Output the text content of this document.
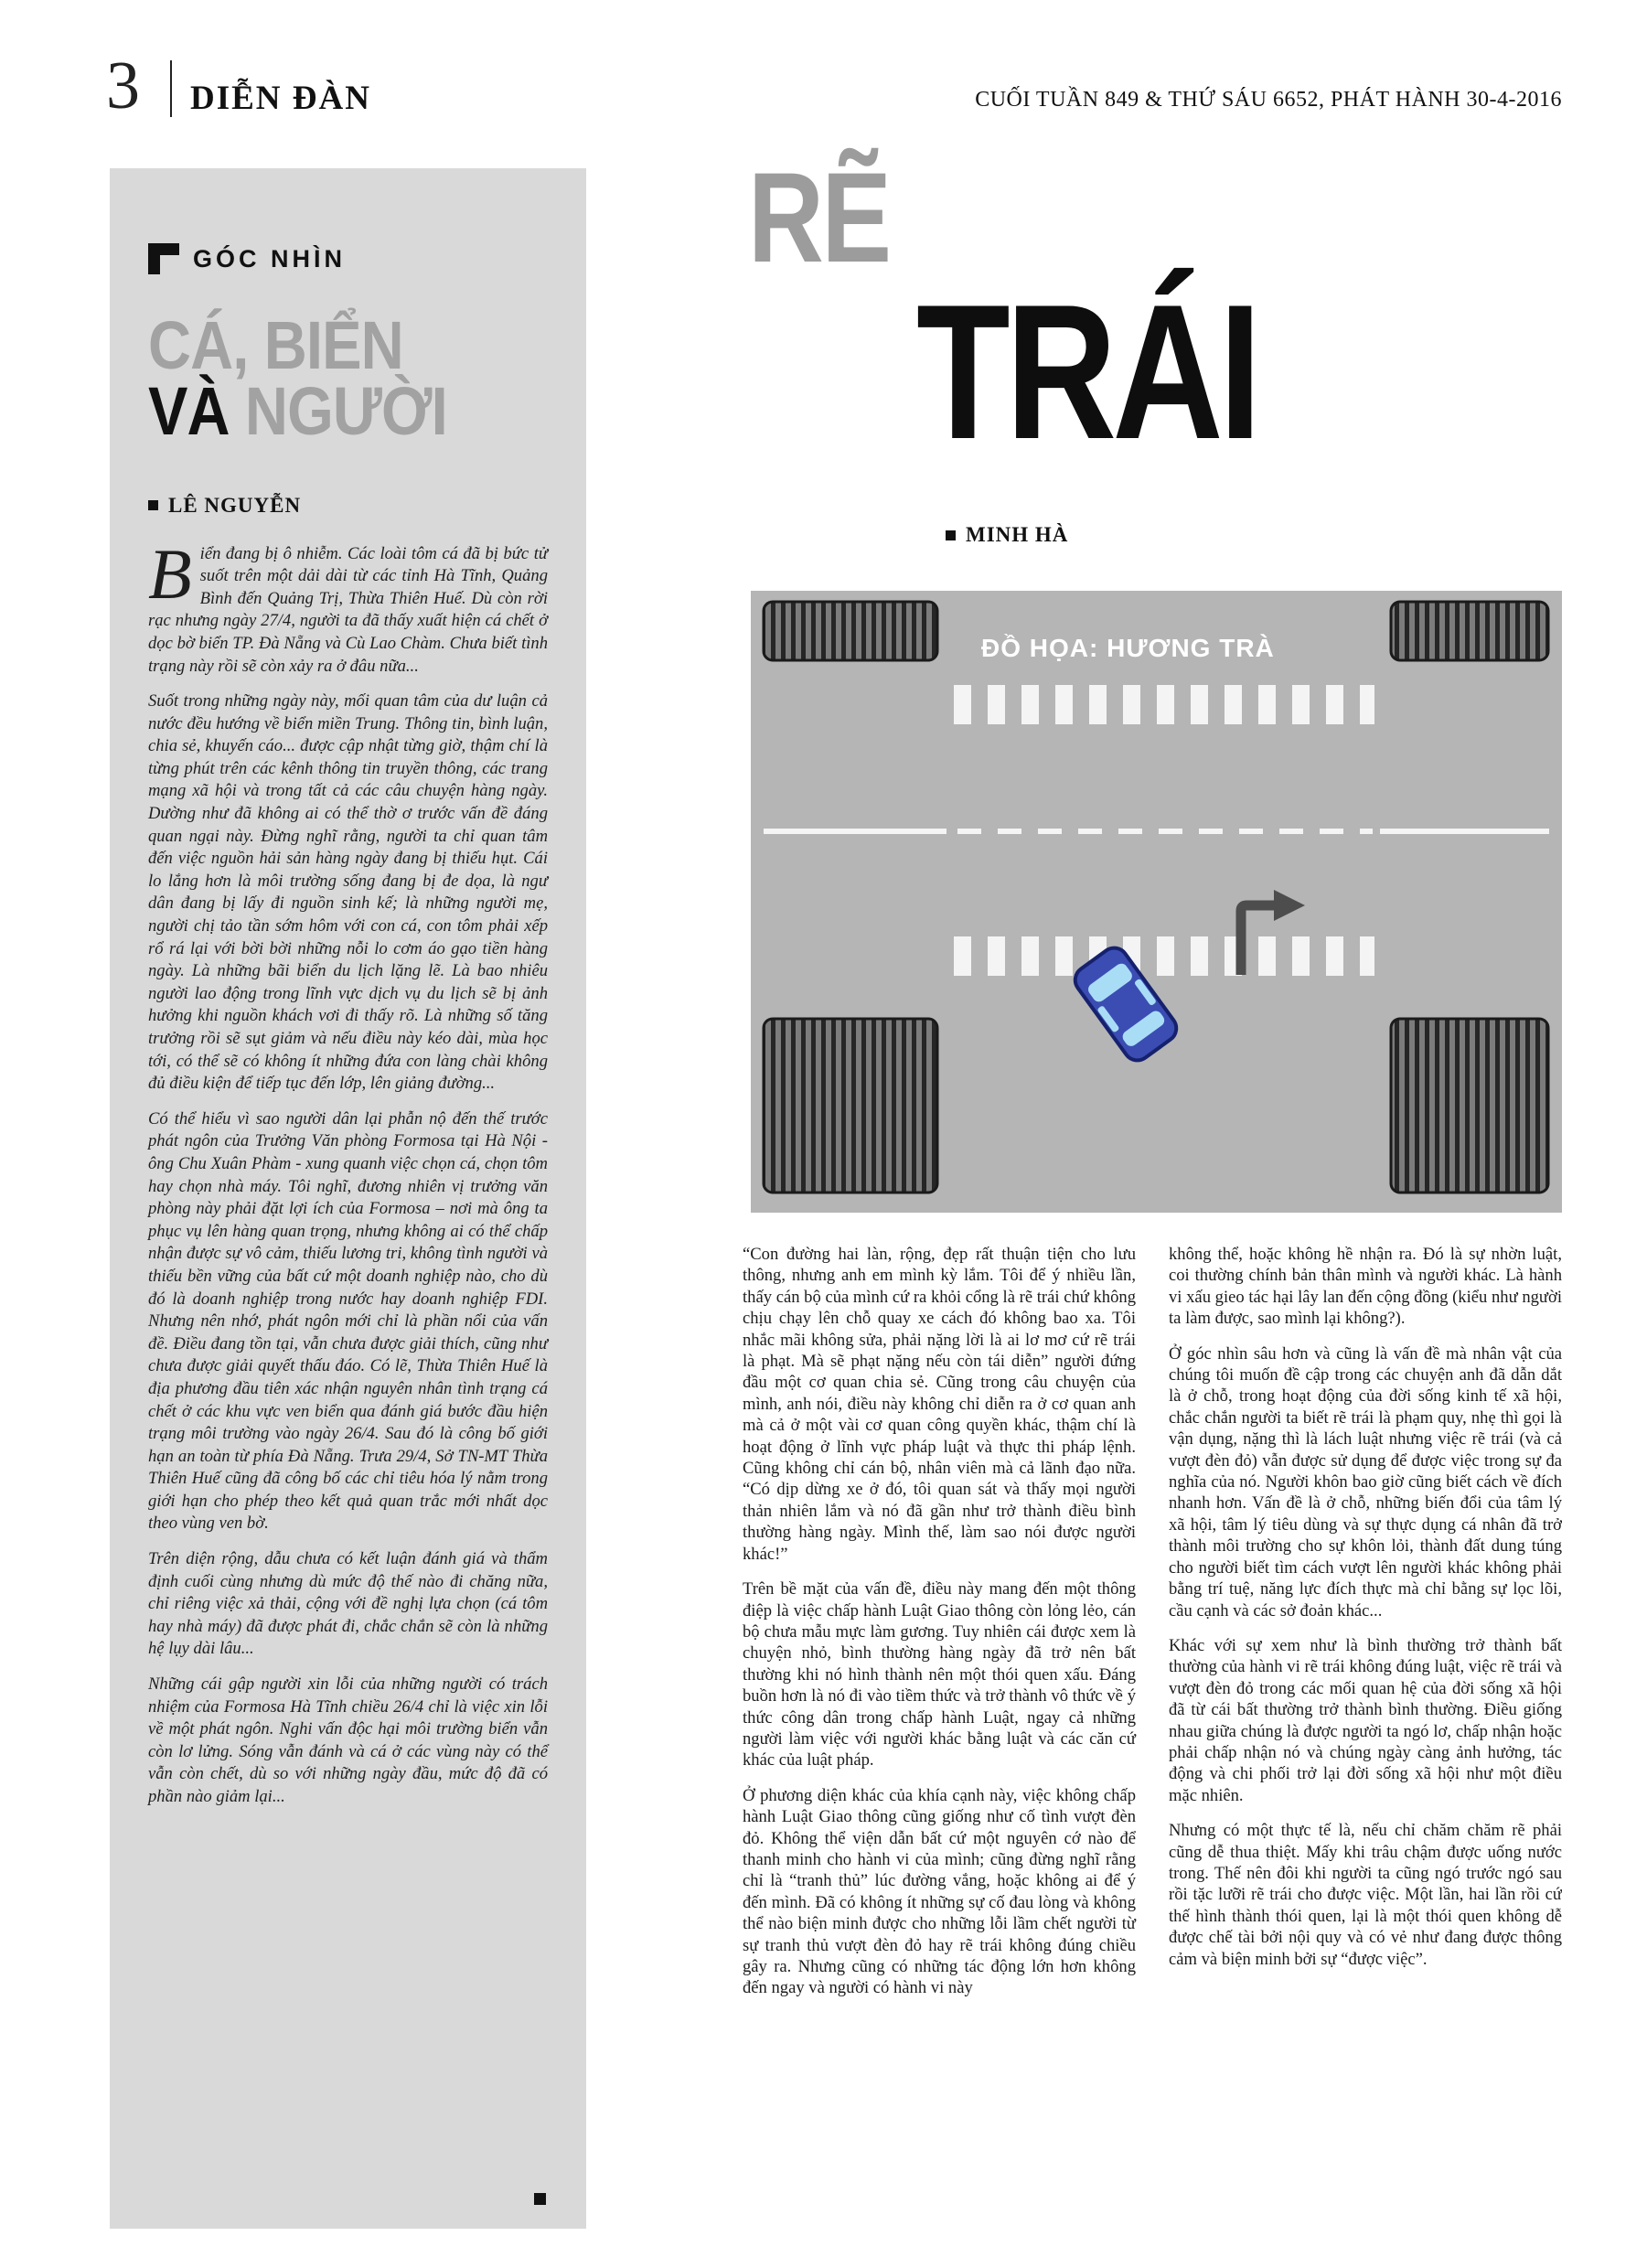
3 DIỄN ĐÀN	CUỐI TUẦN 849 & THỨ SÁU 6652, PHÁT HÀNH 30-4-2016
GÓC NHÌN
CÁ, BIỂN
VÀ NGƯỜI
LÊ NGUYỄN

Biển đang bị ô nhiễm. Các loài tôm cá đã bị bức tử suốt trên một dải dài từ các tỉnh Hà Tĩnh, Quảng Bình đến Quảng Trị, Thừa Thiên Huế. Dù còn rời rạc nhưng ngày 27/4, người ta đã thấy xuất hiện cá chết ở dọc bờ biển TP. Đà Nẵng và Cù Lao Chàm. Chưa biết tình trạng này rồi sẽ còn xảy ra ở đâu nữa...

Suốt trong những ngày này, mối quan tâm của dư luận cả nước đều hướng về biển miền Trung. Thông tin, bình luận, chia sẻ, khuyến cáo... được cập nhật từng giờ, thậm chí là từng phút trên các kênh thông tin truyền thông, các trang mạng xã hội và trong tất cả các câu chuyện hàng ngày. Dường như đã không ai có thể thờ ơ trước vấn đề đáng quan ngại này. Đừng nghĩ rằng, người ta chỉ quan tâm đến việc nguồn hải sản hàng ngày đang bị thiếu hụt. Cái lo lắng hơn là môi trường sống đang bị đe dọa, là ngư dân đang bị lấy đi nguồn sinh kế; là những người mẹ, người chị tảo tần sớm hôm với con cá, con tôm phải xếp rổ rá lại với bời bời những nỗi lo cơm áo gạo tiền hàng ngày. Là những bãi biển du lịch lặng lẽ. Là bao nhiêu người lao động trong lĩnh vực dịch vụ du lịch sẽ bị ảnh hưởng khi nguồn khách vơi đi thấy rõ. Là những số tăng trưởng rồi sẽ sụt giảm và nếu điều này kéo dài, mùa học tới, có thể sẽ có không ít những đứa con làng chài không đủ điều kiện để tiếp tục đến lớp, lên giảng đường...

Có thể hiểu vì sao người dân lại phẫn nộ đến thế trước phát ngôn của Trưởng Văn phòng Formosa tại Hà Nội - ông Chu Xuân Phàm - xung quanh việc chọn cá, chọn tôm hay chọn nhà máy. Tôi nghĩ, đương nhiên vị trưởng văn phòng này phải đặt lợi ích của Formosa – nơi mà ông ta phục vụ lên hàng quan trọng, nhưng không ai có thể chấp nhận được sự vô cảm, thiếu lương tri, không tình người và thiếu bền vững của bất cứ một doanh nghiệp nào, cho dù đó là doanh nghiệp trong nước hay doanh nghiệp FDI. Nhưng nên nhớ, phát ngôn mới chỉ là phần nổi của vấn đề. Điều đang tồn tại, vẫn chưa được giải thích, cũng như chưa được giải quyết thấu đáo. Có lẽ, Thừa Thiên Huế là địa phương đầu tiên xác nhận nguyên nhân tình trạng cá chết ở các khu vực ven biển qua đánh giá bước đầu hiện trạng môi trường vào ngày 26/4. Sau đó là công bố giới hạn an toàn từ phía Đà Nẵng. Trưa 29/4, Sở TN-MT Thừa Thiên Huế cũng đã công bố các chỉ tiêu hóa lý nằm trong giới hạn cho phép theo kết quả quan trắc mới nhất dọc theo vùng ven bờ.

Trên diện rộng, dẫu chưa có kết luận đánh giá và thẩm định cuối cùng nhưng dù mức độ thế nào đi chăng nữa, chỉ riêng việc xả thải, cộng với đề nghị lựa chọn (cá tôm hay nhà máy) đã được phát đi, chắc chắn sẽ còn là những hệ lụy dài lâu...

Những cái gập người xin lỗi của những người có trách nhiệm của Formosa Hà Tĩnh chiều 26/4 chỉ là việc xin lỗi về một phát ngôn. Nghi vấn độc hại môi trường biển vẫn còn lơ lửng. Sóng vẫn đánh và cá ở các vùng này có thể vẫn còn chết, dù so với những ngày đầu, mức độ đã có phần nào giảm lại...

RẼ
TRÁI
MINH HÀ
ĐỒ HỌA: HƯƠNG TRÀ

“Con đường hai làn, rộng, đẹp rất thuận tiện cho lưu thông, nhưng anh em mình kỳ lắm. Tôi để ý nhiều lần, thấy cán bộ của mình cứ ra khỏi cổng là rẽ trái chứ không chịu chạy lên chỗ quay xe cách đó không bao xa. Tôi nhắc mãi không sửa, phải nặng lời là ai lơ mơ cứ rẽ trái là phạt. Mà sẽ phạt nặng nếu còn tái diễn” người đứng đầu một cơ quan chia sẻ. Cũng trong câu chuyện của mình, anh nói, điều này không chỉ diễn ra ở cơ quan anh mà cả ở một vài cơ quan công quyền khác, thậm chí là hoạt động ở lĩnh vực pháp luật và thực thi pháp lệnh. Cũng không chỉ cán bộ, nhân viên mà cả lãnh đạo nữa. “Có dịp dừng xe ở đó, tôi quan sát và thấy mọi người thản nhiên lắm và nó đã gần như trở thành điều bình thường hàng ngày. Mình thế, làm sao nói được người khác!”

Trên bề mặt của vấn đề, điều này mang đến một thông điệp là việc chấp hành Luật Giao thông còn lỏng lẻo, cán bộ chưa mẫu mực làm gương. Tuy nhiên cái được xem là chuyện nhỏ, bình thường hàng ngày đã trở nên bất thường khi nó hình thành nên một thói quen xấu. Đáng buồn hơn là nó đi vào tiềm thức và trở thành vô thức về ý thức công dân trong chấp hành Luật, ngay cả những người làm việc với người khác bằng luật và các căn cứ khác của luật pháp.

Ở phương diện khác của khía cạnh này, việc không chấp hành Luật Giao thông cũng giống như cố tình vượt đèn đỏ. Không thể viện dẫn bất cứ một nguyên cớ nào để thanh minh cho hành vi của mình; cũng đừng nghĩ rằng chỉ là “tranh thủ” lúc đường vắng, hoặc không ai để ý đến mình. Đã có không ít những sự cố đau lòng và không thể nào biện minh được cho những lỗi lầm chết người từ sự tranh thủ vượt đèn đỏ hay rẽ trái không đúng chiều gây ra. Nhưng cũng có những tác động lớn hơn không đến ngay và người có hành vi này

không thể, hoặc không hề nhận ra. Đó là sự nhờn luật, coi thường chính bản thân mình và người khác. Là hành vi xấu gieo tác hại lây lan đến cộng đồng (kiểu như người ta làm được, sao mình lại không?).

Ở góc nhìn sâu hơn và cũng là vấn đề mà nhân vật của chúng tôi muốn đề cập trong các chuyện anh đã dẫn dắt là ở chỗ, trong hoạt động của đời sống kinh tế xã hội, chắc chắn người ta biết rẽ trái là phạm quy, nhẹ thì gọi là vận dụng, nặng thì là lách luật nhưng việc rẽ trái (và cả vượt đèn đỏ) vẫn được sử dụng để được việc trong sự đa nghĩa của nó. Người khôn bao giờ cũng biết cách về đích nhanh hơn. Vấn đề là ở chỗ, những biến đổi của tâm lý xã hội, tâm lý tiêu dùng và sự thực dụng cá nhân đã trở thành môi trường cho sự khôn lỏi, thành đất dung túng cho người biết tìm cách vượt lên người khác không phải bằng trí tuệ, năng lực đích thực mà chỉ bằng sự lọc lõi, cầu cạnh và các sở đoản khác...

Khác với sự xem như là bình thường trở thành bất thường của hành vi rẽ trái không đúng luật, việc rẽ trái và vượt đèn đỏ trong các mối quan hệ của đời sống xã hội đã từ cái bất thường trở thành bình thường. Điều giống nhau giữa chúng là được người ta ngó lơ, chấp nhận hoặc phải chấp nhận nó và chúng ngày càng ảnh hưởng, tác động và chi phối trở lại đời sống xã hội như một điều mặc nhiên.

Nhưng có một thực tế là, nếu chỉ chăm chăm rẽ phải cũng dễ thua thiệt. Mấy khi trâu chậm được uống nước trong. Thế nên đôi khi người ta cũng ngó trước ngó sau rồi tặc lưỡi rẽ trái cho được việc. Một lần, hai lần rồi cứ thế hình thành thói quen, lại là một thói quen không dễ được chế tài bởi nội quy và có vẻ như đang được thông cảm và biện minh bởi sự “được việc”.
